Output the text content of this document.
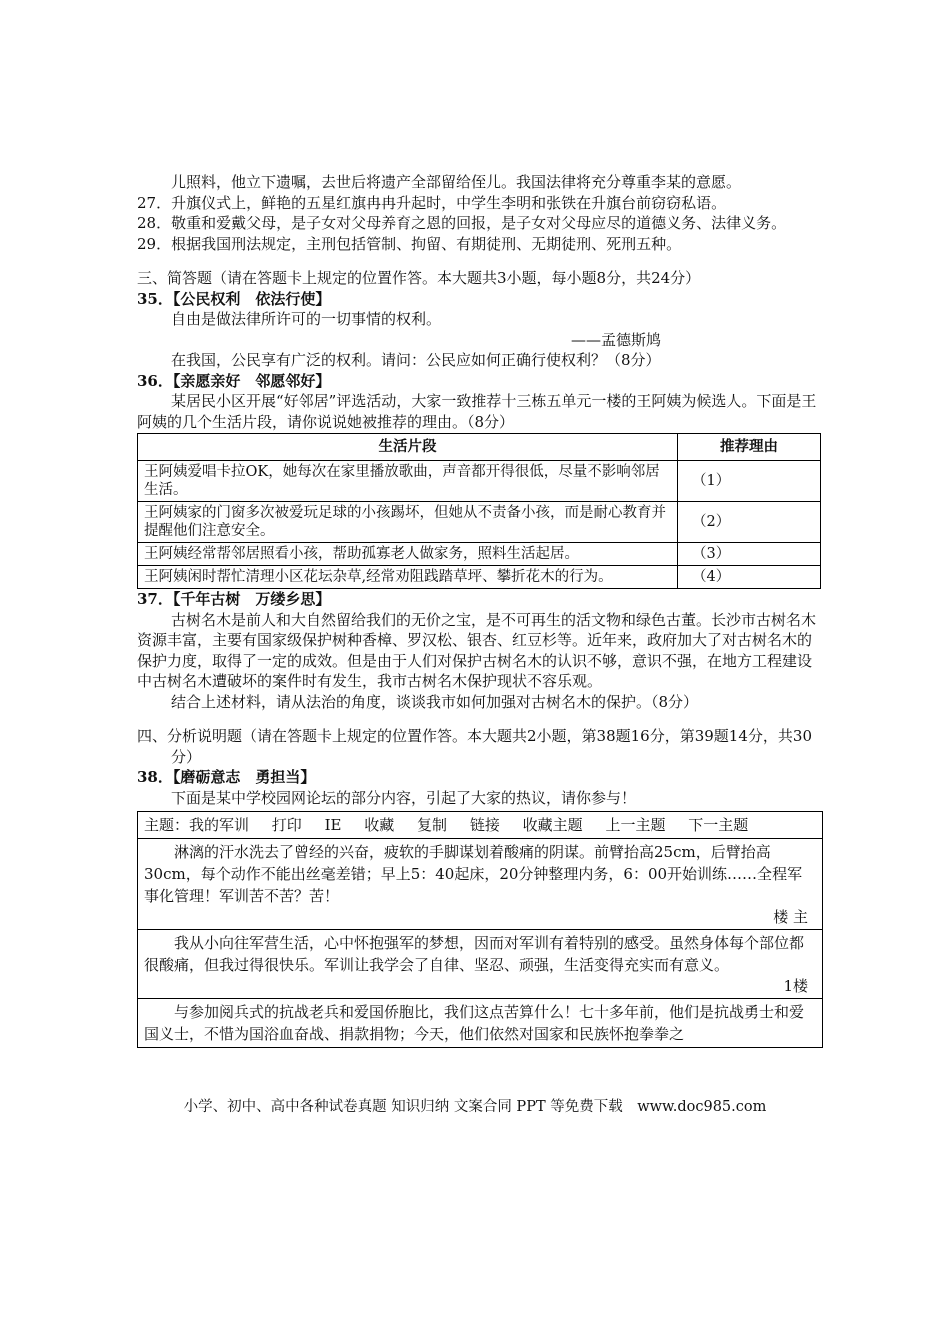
儿照料，他立下遗嘱，去世后将遗产全部留给侄儿。我国法律将充分尊重李某的意愿。
27．升旗仪式上，鲜艳的五星红旗冉冉升起时，中学生李明和张铁在升旗台前窃窃私语。
28．敬重和爱戴父母，是子女对父母养育之恩的回报，是子女对父母应尽的道德义务、法律义务。
29．根据我国刑法规定，主刑包括管制、拘留、有期徒刑、无期徒刑、死刑五种。
三、简答题（请在答题卡上规定的位置作答。本大题共3小题，每小题8分，共24分）
35．【公民权利　依法行使】
自由是做法律所许可的一切事情的权利。
——孟德斯鸠
在我国，公民享有广泛的权利。请问：公民应如何正确行使权利？（8分）
36．【亲愿亲好　邻愿邻好】
某居民小区开展“好邻居”评选活动，大家一致推荐十三栋五单元一楼的王阿姨为候选人。下面是王阿姨的几个生活片段，请你说说她被推荐的理由。（8分）
生活片段	推荐理由
王阿姨爱唱卡拉OK，她每次在家里播放歌曲，声音都开得很低，尽量不影响邻居生活。	（1）
王阿姨家的门窗多次被爱玩足球的小孩踢坏，但她从不责备小孩，而是耐心教育并提醒他们注意安全。	（2）
王阿姨经常帮邻居照看小孩，帮助孤寡老人做家务，照料生活起居。	（3）
王阿姨闲时帮忙清理小区花坛杂草,经常劝阻践踏草坪、攀折花木的行为。	（4）
37．【千年古树　万缕乡思】
古树名木是前人和大自然留给我们的无价之宝，是不可再生的活文物和绿色古董。长沙市古树名木资源丰富，主要有国家级保护树种香樟、罗汉松、银杏、红豆杉等。近年来，政府加大了对古树名木的保护力度，取得了一定的成效。但是由于人们对保护古树名木的认识不够，意识不强，在地方工程建设中古树名木遭破坏的案件时有发生，我市古树名木保护现状不容乐观。
结合上述材料，请从法治的角度，谈谈我市如何加强对古树名木的保护。（8分）
四、分析说明题（请在答题卡上规定的位置作答。本大题共2小题，第38题16分，第39题14分，共30分）
38．【磨砺意志　勇担当】
下面是某中学校园网论坛的部分内容，引起了大家的热议，请你参与！
主题：我的军训 打印 IE 收藏 复制 链接 收藏主题 上一主题 下一主题

淋漓的汗水洗去了曾经的兴奋，疲软的手脚谋划着酸痛的阴谋。前臂抬高25cm，后臂抬高30cm，每个动作不能出丝毫差错；早上5：40起床，20分钟整理内务，6：00开始训练……全程军事化管理！军训苦不苦？苦！

楼 主

我从小向往军营生活，心中怀抱强军的梦想，因而对军训有着特别的感受。虽然身体每个部位都很酸痛，但我过得很快乐。军训让我学会了自律、坚忍、顽强，生活变得充实而有意义。

1楼

与参加阅兵式的抗战老兵和爱国侨胞比，我们这点苦算什么！七十多年前，他们是抗战勇士和爱国义士，不惜为国浴血奋战、捐款捐物；今天，他们依然对国家和民族怀抱拳拳之

小学、初中、高中各种试卷真题 知识归纳 文案合同 PPT 等免费下载　www.doc985.com
